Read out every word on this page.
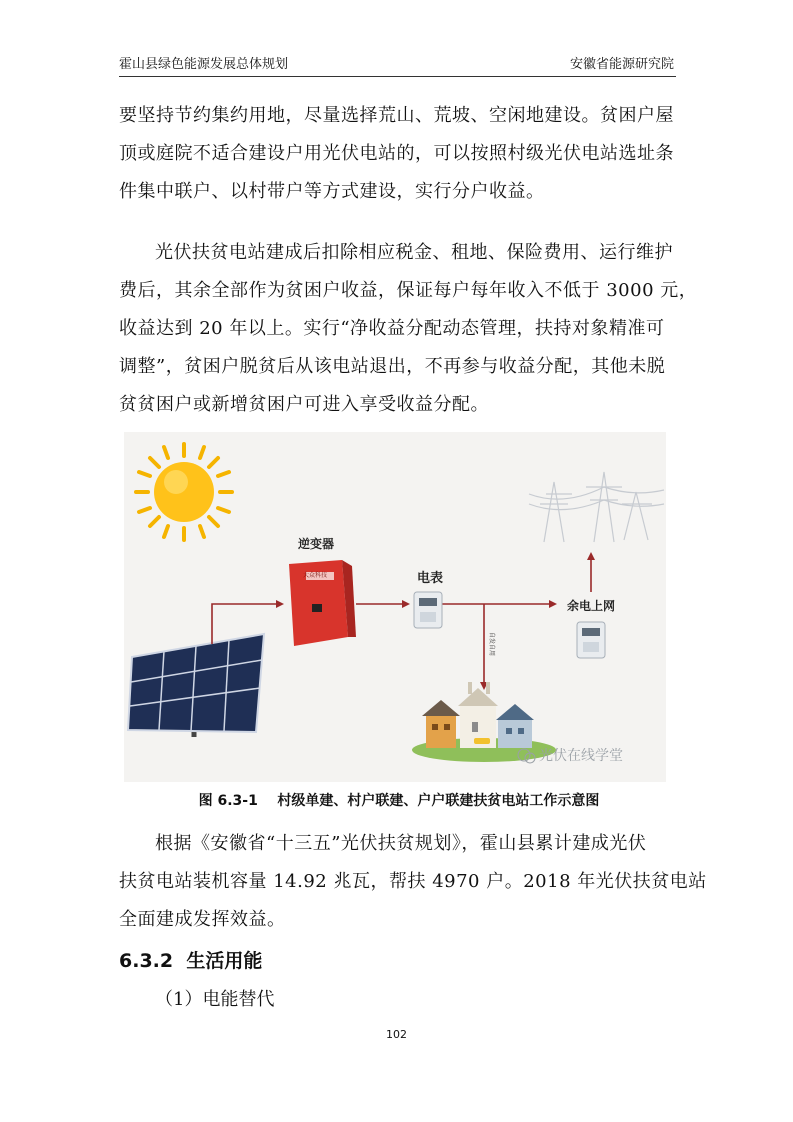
霍山县绿色能源发展总体规划	安徽省能源研究院
要坚持节约集约用地，尽量选择荒山、荒坡、空闲地建设。贫困户屋
顶或庭院不适合建设户用光伏电站的，可以按照村级光伏电站选址条
件集中联户、以村带户等方式建设，实行分户收益。
光伏扶贫电站建成后扣除相应税金、租地、保险费用、运行维护
费后，其余全部作为贫困户收益，保证每户每年收入不低于 3000 元，
收益达到 20 年以上。实行“净收益分配动态管理，扶持对象精准可
调整”，贫困户脱贫后从该电站退出，不再参与收益分配，其他未脱
贫贫困户或新增贫困户可进入享受收益分配。
大众科技
逆变器
电表
余电上网
自发自用
光伏在线学堂
图 6.3-1    村级单建、村户联建、户户联建扶贫电站工作示意图
根据《安徽省“十三五”光伏扶贫规划》，霍山县累计建成光伏
扶贫电站装机容量 14.92 兆瓦，帮扶 4970 户。2018 年光伏扶贫电站
全面建成发挥效益。
6.3.2  生活用能
（1）电能替代
102
